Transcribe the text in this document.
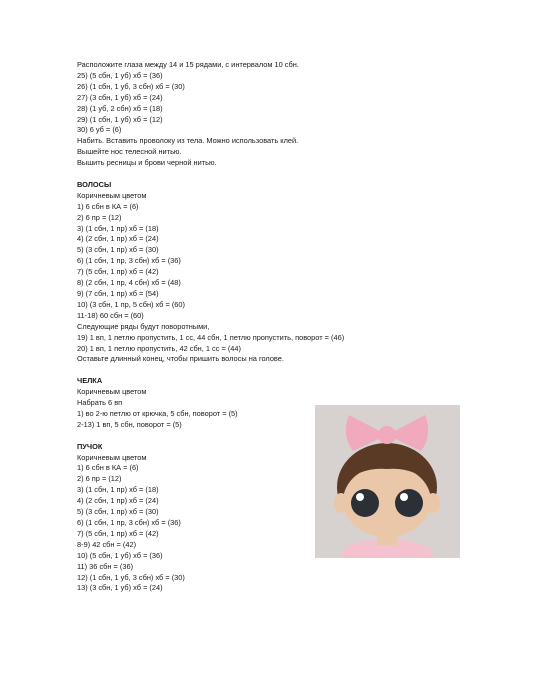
Расположите глаза между 14 и 15 рядами, с интервалом 10 сбн.
25) (5 сбн, 1 уб) хб = (36)
26) (1 сбн, 1 уб, 3 сбн) хб = (30)
27) (3 сбн, 1 уб) хб = (24)
28) (1 уб, 2 сбн) хб = (18)
29) (1 сбн, 1 уб) хб = (12)
30) 6 уб = (6)
Набить. Вставить проволоку из тела. Можно использовать клей.
Вышейте нос телесной нитью.
Вышить ресницы и брови черной нитью.
ВОЛОСЫ
Коричневым цветом
1) 6 сбн в КА = (6)
2) 6 пр = (12)
3) (1 сбн, 1 пр) хб = (18)
4) (2 сбн, 1 пр) хб = (24)
5) (3 сбн, 1 пр) хб = (30)
6) (1 сбн, 1 пр, 3 сбн) хб = (36)
7) (5 сбн, 1 пр) хб = (42)
8) (2 сбн, 1 пр, 4 сбн) хб = (48)
9) (7 сбн, 1 пр) хб = (54)
10) (3 сбн, 1 пр, 5 сбн) хб = (60)
11-18) 60 сбн = (60)
Следующие ряды будут поворотными,
19) 1 вп, 1 петлю пропустить, 1 сс, 44 сбн, 1 петлю пропустить, поворот = (46)
20) 1 вп, 1 петлю пропустить, 42 сбн, 1 сс = (44)
Оставьте длинный конец, чтобы пришить волосы на голове.
ЧЕЛКА
Коричневым цветом
Набрать 6 вп
1) во 2-ю петлю от крючка, 5 сбн, поворот = (5)
2-13) 1 вп, 5 сбн, поворот = (5)
ПУЧОК
Коричневым цветом
1) 6 сбн в КА = (6)
2) 6 пр = (12)
3) (1 сбн, 1 пр) хб = (18)
4) (2 сбн, 1 пр) хб = (24)
5) (3 сбн, 1 пр) хб = (30)
6) (1 сбн, 1 пр, 3 сбн) хб = (36)
7) (5 сбн, 1 пр) хб = (42)
8-9) 42 сбн = (42)
10) (5 сбн, 1 уб) хб = (36)
11) 36 сбн = (36)
12) (1 сбн, 1 уб, 3 сбн) хб = (30)
13) (3 сбн, 1 уб) хб = (24)
